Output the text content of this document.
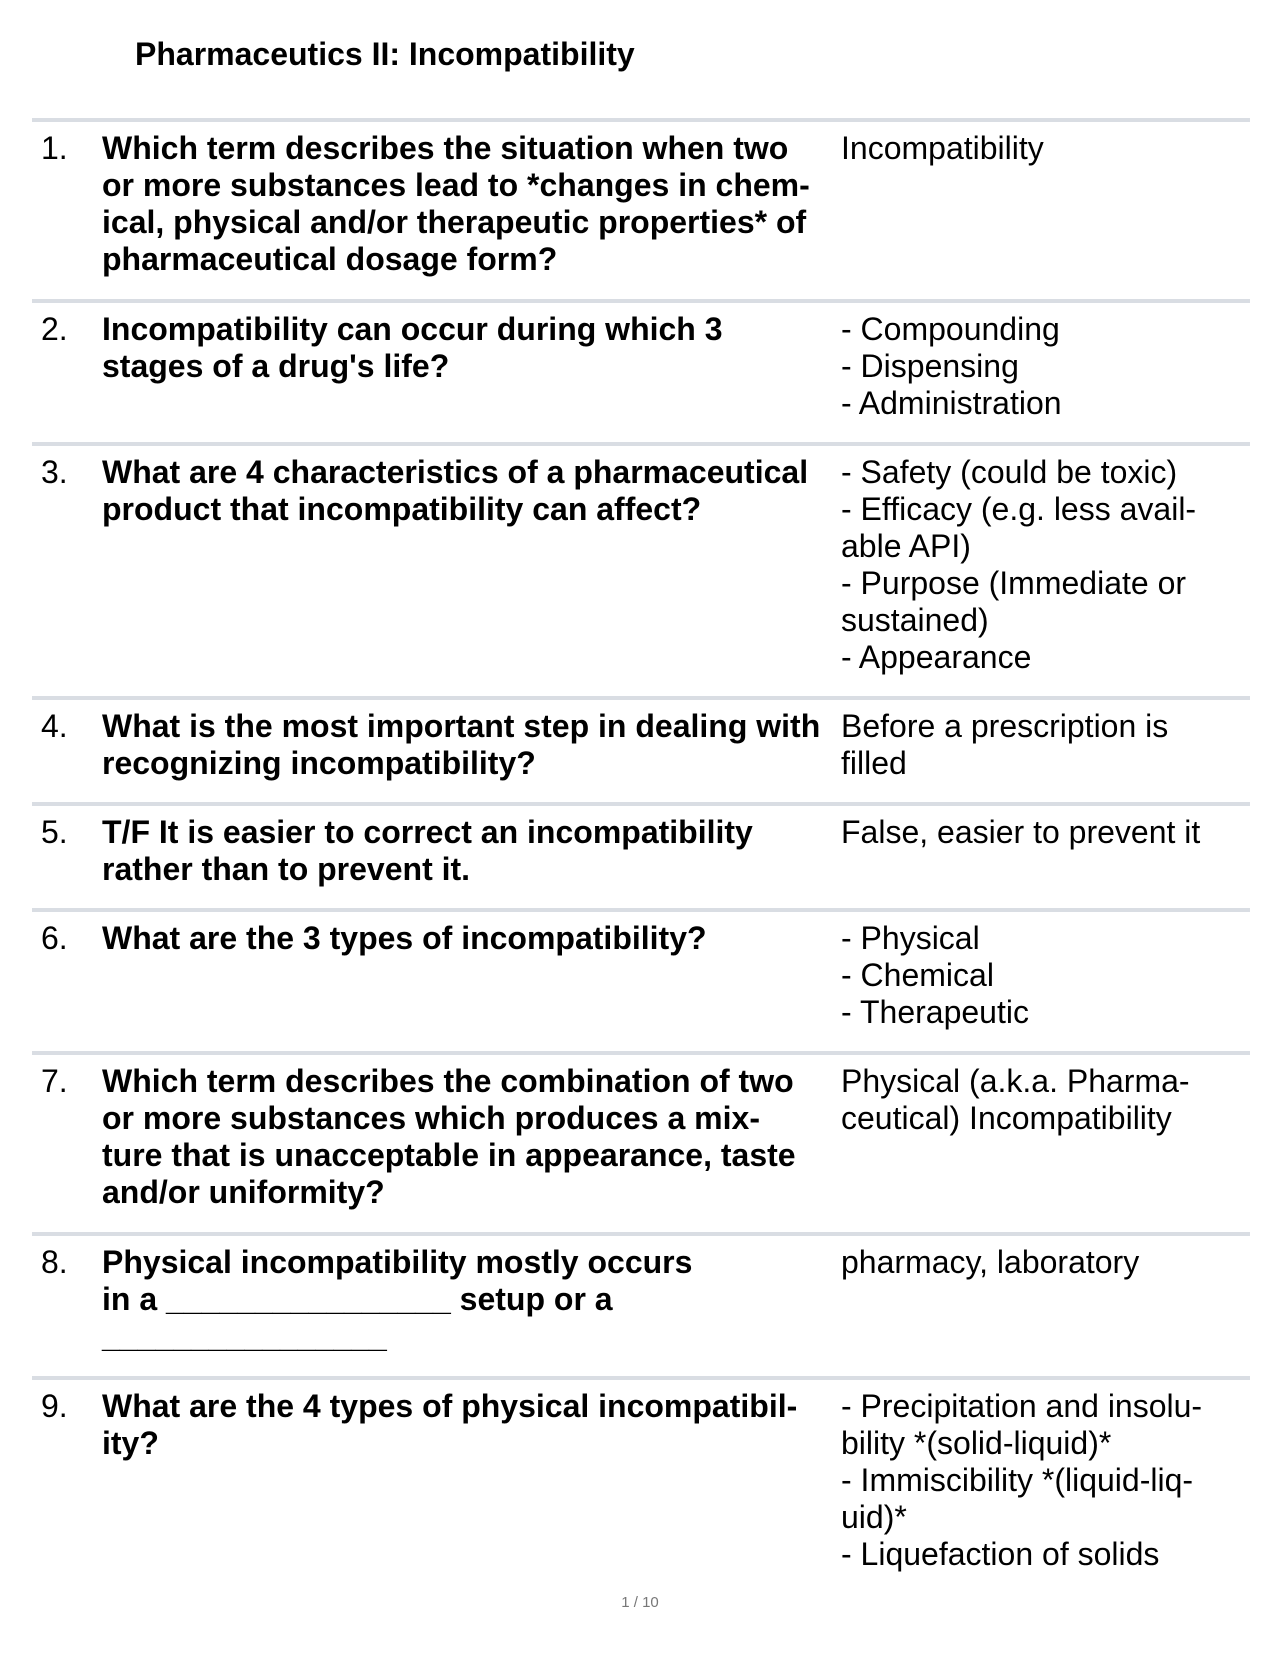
Pharmaceutics II: Incompatibility
1. Which term describes the situation when two
or more substances lead to *changes in chem-
ical, physical and/or therapeutic properties* of
pharmaceutical dosage form?
Incompatibility
2. Incompatibility can occur during which 3
stages of a drug's life?
- Compounding
- Dispensing
- Administration
3. What are 4 characteristics of a pharmaceutical
product that incompatibility can affect?
- Safety (could be toxic)
- Efficacy (e.g. less avail-
able API)
- Purpose (Immediate or
sustained)
- Appearance
4. What is the most important step in dealing with
recognizing incompatibility?
Before a prescription is
filled
5. T/F It is easier to correct an incompatibility
rather than to prevent it.
False, easier to prevent it
6. What are the 3 types of incompatibility?	- Physical
- Chemical
- Therapeutic
7. Which term describes the combination of two
or more substances which produces a mix-
ture that is unacceptable in appearance, taste
and/or uniformity?
Physical (a.k.a. Pharma-
ceutical) Incompatibility
8. Physical incompatibility mostly occurs
in a ________________ setup or a
________________
pharmacy, laboratory
9. What are the 4 types of physical incompatibil-
ity?
- Precipitation and insolu-
bility *(solid-liquid)*
- Immiscibility *(liquid-liq-
uid)*
- Liquefaction of solids
1 / 10
